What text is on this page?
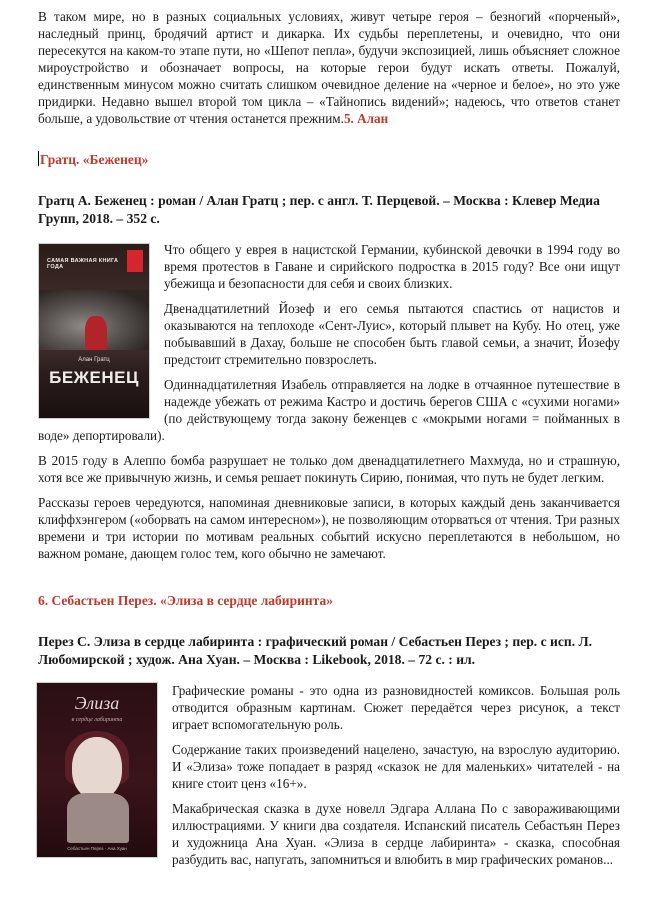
В таком мире, но в разных социальных условиях, живут четыре героя – безногий «порченый», наследный принц, бродячий артист и дикарка. Их судьбы переплетены, и очевидно, что они пересекутся на каком-то этапе пути, но «Шепот пепла», будучи экспозицией, лишь объясняет сложное мироустройство и обозначает вопросы, на которые герои будут искать ответы. Пожалуй, единственным минусом можно считать слишком очевидное деление на «черное и белое», но это уже придирки. Недавно вышел второй том цикла – «Тайнопись видений»; надеюсь, что ответов станет больше, а удовольствие от чтения останется прежним.5. Алан

Гратц. «Беженец»
Гратц А. Беженец : роман / Алан Гратц ; пер. с англ. Т. Перцевой. – Москва : Клевер Медиа Групп, 2018. – 352 с.
САМАЯ ВАЖНАЯ КНИГА ГОДА
Алан Гратц
БЕЖЕНЕЦ

Что общего у еврея в нацистской Германии, кубинской девочки в 1994 году во время протестов в Гаване и сирийского подростка в 2015 году? Все они ищут убежища и безопасности для себя и своих близких.

Двенадцатилетний Йозеф и его семья пытаются спастись от нацистов и оказываются на теплоходе «Сент-Луис», который плывет на Кубу. Но отец, уже побывавший в Дахау, больше не способен быть главой семьи, а значит, Йозефу предстоит стремительно повзрослеть.

Одиннадцатилетняя Изабель отправляется на лодке в отчаянное путешествие в надежде убежать от режима Кастро и достичь берегов США с «сухими ногами» (по действующему тогда закону беженцев с «мокрыми ногами = пойманных в воде» депортировали).

В 2015 году в Алеппо бомба разрушает не только дом двенадцатилетнего Махмуда, но и страшную, хотя все же привычную жизнь, и семья решает покинуть Сирию, понимая, что путь не будет легким.

Рассказы героев чередуются, напоминая дневниковые записи, в которых каждый день заканчивается клиффхэнгером («оборвать на самом интересном»), не позволяющим оторваться от чтения. Три разных времени и три истории по мотивам реальных событий искусно переплетаются в небольшом, но важном романе, дающем голос тем, кого обычно не замечают.

6. Себастьен Перез. «Элиза в сердце лабиринта»
Перез С. Элиза в сердце лабиринта : графический роман / Себастьен Перез ; пер. с исп. Л. Любомирской ; худож. Ана Хуан. – Москва : Likebook, 2018. – 72 с. : ил.
Элиза
в сердце лабиринта
Себастьен Перез · Ана Хуан

Графические романы - это одна из разновидностей комиксов. Большая роль отводится образным картинам. Сюжет передаётся через рисунок, а текст играет вспомогательную роль.

Содержание таких произведений нацелено, зачастую, на взрослую аудиторию. И «Элиза» тоже попадает в разряд «сказок не для маленьких» читателей - на книге стоит ценз «16+».

Макабрическая сказка в духе новелл Эдгара Аллана По с завораживающими иллюстрациями. У книги два создателя. Испанский писатель Себастьян Перез и художница Ана Хуан. «Элиза в сердце лабиринта» - сказка, способная разбудить вас, напугать, запомниться и влюбить в мир графических романов...
